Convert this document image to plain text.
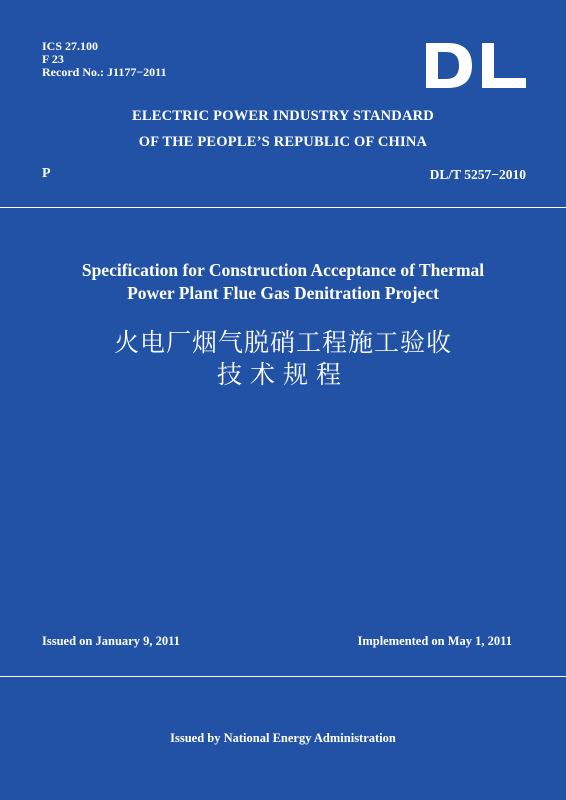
ICS 27.100
F 23
Record No.: J1177−2011
ELECTRIC POWER INDUSTRY STANDARD
OF THE PEOPLE’S REPUBLIC OF CHINA
P	DL/T 5257−2010
Specification for Construction Acceptance of Thermal
Power Plant Flue Gas Denitration Project
火电厂烟气脱硝工程施工验收
技术规程
Issued on January 9, 2011	Implemented on May 1, 2011
Issued by National Energy Administration
